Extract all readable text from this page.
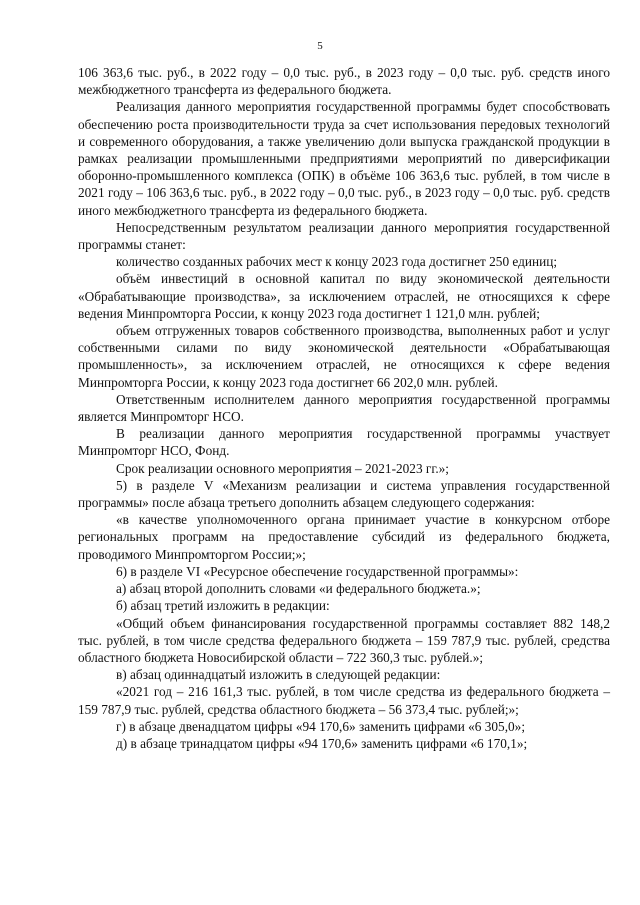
5

106 363,6 тыс. руб., в 2022 году – 0,0 тыс. руб., в 2023 году – 0,0 тыс. руб. средств иного межбюджетного трансферта из федерального бюджета.

Реализация данного мероприятия государственной программы будет способствовать обеспечению роста производительности труда за счет использования передовых технологий и современного оборудования, а также увеличению доли выпуска гражданской продукции в рамках реализации промышленными предприятиями мероприятий по диверсификации оборонно-промышленного комплекса (ОПК) в объёме 106 363,6 тыс. рублей, в том числе в 2021 году – 106 363,6 тыс. руб., в 2022 году – 0,0 тыс. руб., в 2023 году – 0,0 тыс. руб. средств иного межбюджетного трансферта из федерального бюджета.

Непосредственным результатом реализации данного мероприятия государственной программы станет:

количество созданных рабочих мест к концу 2023 года достигнет 250 единиц;

объём инвестиций в основной капитал по виду экономической деятельности «Обрабатывающие производства», за исключением отраслей, не относящихся к сфере ведения Минпромторга России, к концу 2023 года достигнет 1 121,0 млн. рублей;

объем отгруженных товаров собственного производства, выполненных работ и услуг собственными силами по виду экономической деятельности «Обрабатывающая промышленность», за исключением отраслей, не относящихся к сфере ведения Минпромторга России, к концу 2023 года достигнет 66 202,0 млн. рублей.

Ответственным исполнителем данного мероприятия государственной программы является Минпромторг НСО.

В реализации данного мероприятия государственной программы участвует Минпромторг НСО, Фонд.

Срок реализации основного мероприятия – 2021-2023 гг.»;

5) в разделе V «Механизм реализации и система управления государственной программы» после абзаца третьего дополнить абзацем следующего содержания:

«в качестве уполномоченного органа принимает участие в конкурсном отборе региональных программ на предоставление субсидий из федерального бюджета, проводимого Минпромторгом России;»;

6) в разделе VI «Ресурсное обеспечение государственной программы»:

а) абзац второй дополнить словами «и федерального бюджета.»;

б) абзац третий изложить в редакции:

«Общий объем финансирования государственной программы составляет 882 148,2 тыс. рублей, в том числе средства федерального бюджета – 159 787,9 тыс. рублей, средства областного бюджета Новосибирской области – 722 360,3 тыс. рублей.»;

в) абзац одиннадцатый изложить в следующей редакции:

«2021 год – 216 161,3 тыс. рублей, в том числе средства из федерального бюджета – 159 787,9 тыс. рублей, средства областного бюджета – 56 373,4 тыс. рублей;»;

г) в абзаце двенадцатом цифры «94 170,6» заменить цифрами «6 305,0»;

д) в абзаце тринадцатом цифры «94 170,6» заменить цифрами «6 170,1»;
